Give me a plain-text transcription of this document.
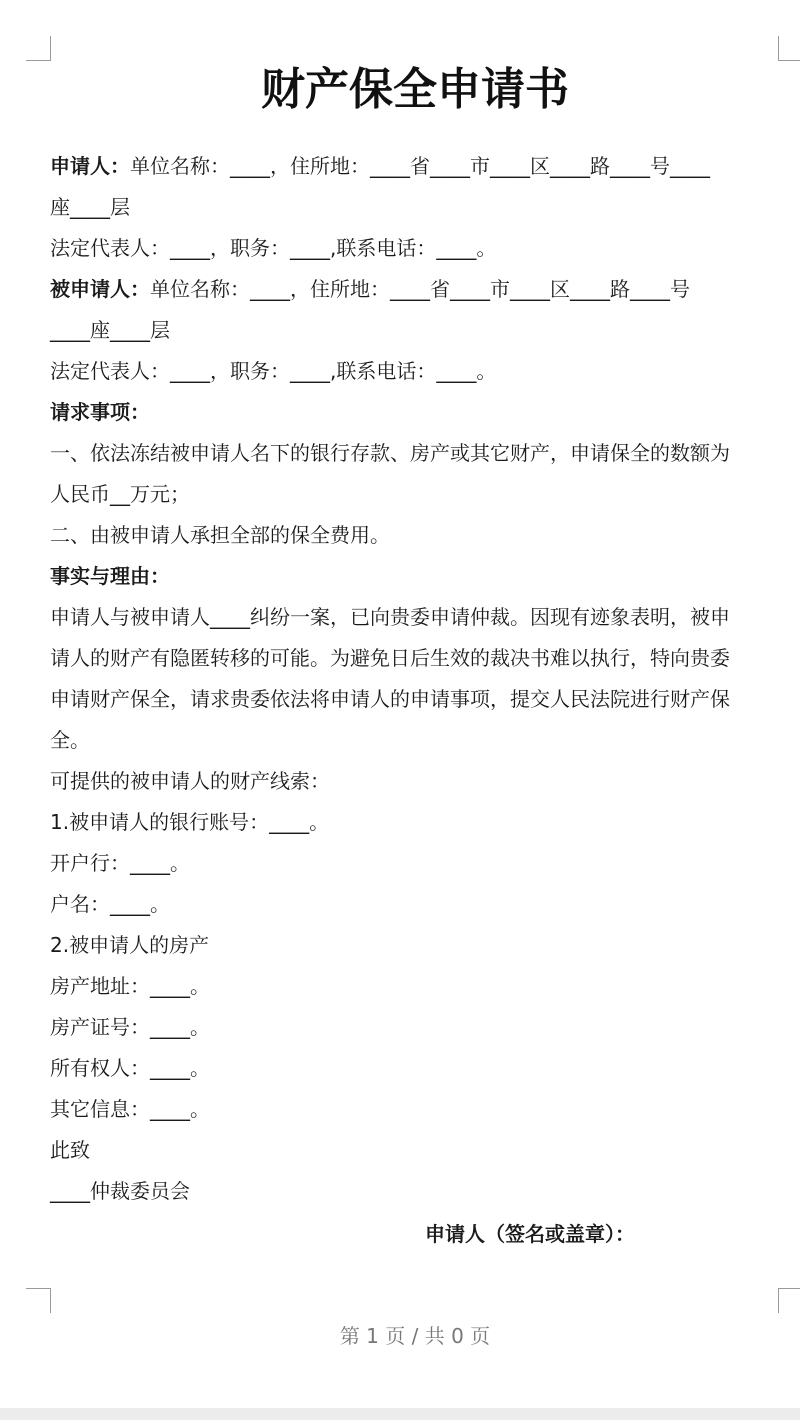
财产保全申请书

申请人：单位名称：____，住所地：____省____市____区____路____号____

座____层

法定代表人：____，职务：____,联系电话：____。

被申请人：单位名称：____，住所地：____省____市____区____路____号

____座____层

法定代表人：____，职务：____,联系电话：____。

请求事项：

一、依法冻结被申请人名下的银行存款、房产或其它财产，申请保全的数额为

人民币__万元；

二、由被申请人承担全部的保全费用。

事实与理由：

申请人与被申请人____纠纷一案，已向贵委申请仲裁。因现有迹象表明，被申

请人的财产有隐匿转移的可能。为避免日后生效的裁决书难以执行，特向贵委

申请财产保全，请求贵委依法将申请人的申请事项，提交人民法院进行财产保

全。

可提供的被申请人的财产线索：

1.被申请人的银行账号：____。

开户行：____。

户名：____。

2.被申请人的房产

房产地址：____。

房产证号：____。

所有权人：____。

其它信息：____。

此致

____仲裁委员会

申请人（签名或盖章）：
第 1 页 / 共 0 页
